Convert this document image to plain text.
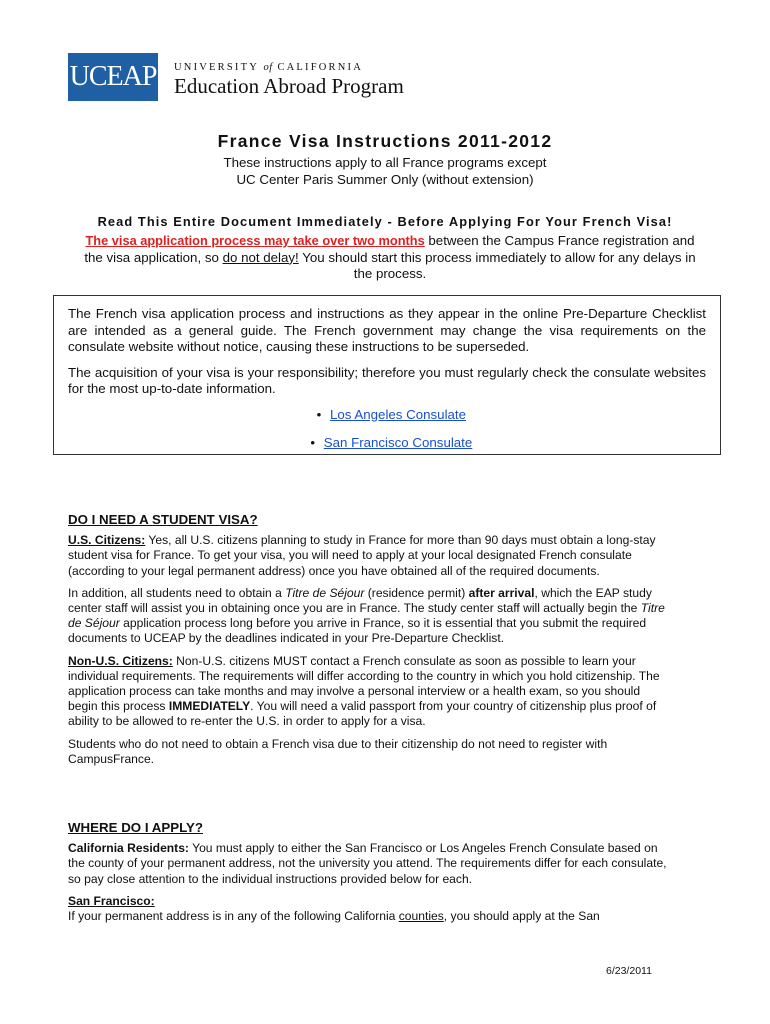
UCEAP UNIVERSITY of CALIFORNIA
Education Abroad Program
France Visa Instructions 2011-2012
These instructions apply to all France programs except
UC Center Paris Summer Only (without extension)
Read This Entire Document Immediately - Before Applying For Your French Visa!
The visa application process may take over two months between the Campus France registration and the visa application, so do not delay! You should start this process immediately to allow for any delays in the process.

The French visa application process and instructions as they appear in the online Pre-Departure Checklist are intended as a general guide. The French government may change the visa requirements on the consulate website without notice, causing these instructions to be superseded.

The acquisition of your visa is your responsibility; therefore you must regularly check the consulate websites for the most up-to-date information.

• Los Angeles Consulate
• San Francisco Consulate

DO I NEED A STUDENT VISA?

U.S. Citizens: Yes, all U.S. citizens planning to study in France for more than 90 days must obtain a long-stay student visa for France. To get your visa, you will need to apply at your local designated French consulate (according to your legal permanent address) once you have obtained all of the required documents.

In addition, all students need to obtain a Titre de Séjour (residence permit) after arrival, which the EAP study center staff will assist you in obtaining once you are in France. The study center staff will actually begin the Titre de Séjour application process long before you arrive in France, so it is essential that you submit the required documents to UCEAP by the deadlines indicated in your Pre-Departure Checklist.

Non-U.S. Citizens: Non-U.S. citizens MUST contact a French consulate as soon as possible to learn your individual requirements. The requirements will differ according to the country in which you hold citizenship. The application process can take months and may involve a personal interview or a health exam, so you should begin this process IMMEDIATELY. You will need a valid passport from your country of citizenship plus proof of ability to be allowed to re-enter the U.S. in order to apply for a visa.

Students who do not need to obtain a French visa due to their citizenship do not need to register with CampusFrance.

WHERE DO I APPLY?

California Residents: You must apply to either the San Francisco or Los Angeles French Consulate based on the county of your permanent address, not the university you attend. The requirements differ for each consulate, so pay close attention to the individual instructions provided below for each.

San Francisco:
If your permanent address is in any of the following California counties, you should apply at the San

6/23/2011
